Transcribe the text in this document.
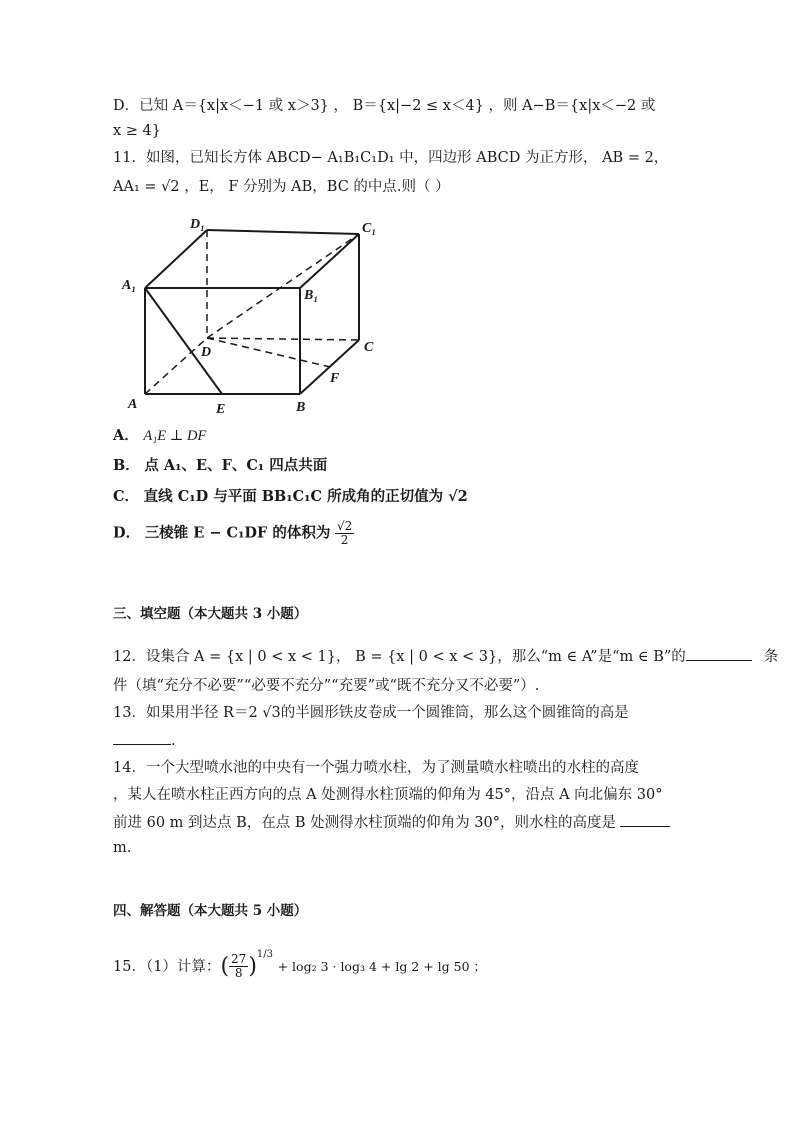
D．已知 A＝{x|x＜−1 或 x＞3} ， B＝{x|−2 ≤ x＜4} ，则 A−B＝{x|x＜−2 或
x ≥ 4}
11．如图，已知长方体 ABCD− A₁B₁C₁D₁ 中，四边形 ABCD 为正方形， AB = 2，
AA₁ = √2 ，E， F 分别为 AB，BC 的中点.则（ ）
D₁	C₁
A₁
B₁
D	C
F
A	E	B
A． A₁E ⊥ DF
B． 点 A₁、E、F、C₁ 四点共面
C． 直线 C₁D 与平面 BB₁C₁C 所成角的正切值为 √2
D． 三棱锥 E − C₁DF 的体积为 $\frac{√2}{2}$
三、填空题（本大题共 3 小题）
12．设集合 A = {x | 0 < x < 1}， B = {x | 0 < x < 3}，那么“m ∈ A”是“m ∈ B”的	条
件（填“充分不必要”“必要不充分”“充要”或“既不充分又不必要”）.
13．如果用半径 R＝2 √3的半圆形铁皮卷成一个圆锥筒，那么这个圆锥筒的高是
.
14．一个大型喷水池的中央有一个强力喷水柱，为了测量喷水柱喷出的水柱的高度
，某人在喷水柱正西方向的点 A 处测得水柱顶端的仰角为 45°，沿点 A 向北偏东 30°
前进 60 m 到达点 B，在点 B 处测得水柱顶端的仰角为 30°，则水柱的高度是
m.
四、解答题（本大题共 5 小题）
15．（1）计算：( $\frac{27}{8} )^{1/3} + \log_2$ 3 · log₃ 4 + lg 2 + lg 50 ；
